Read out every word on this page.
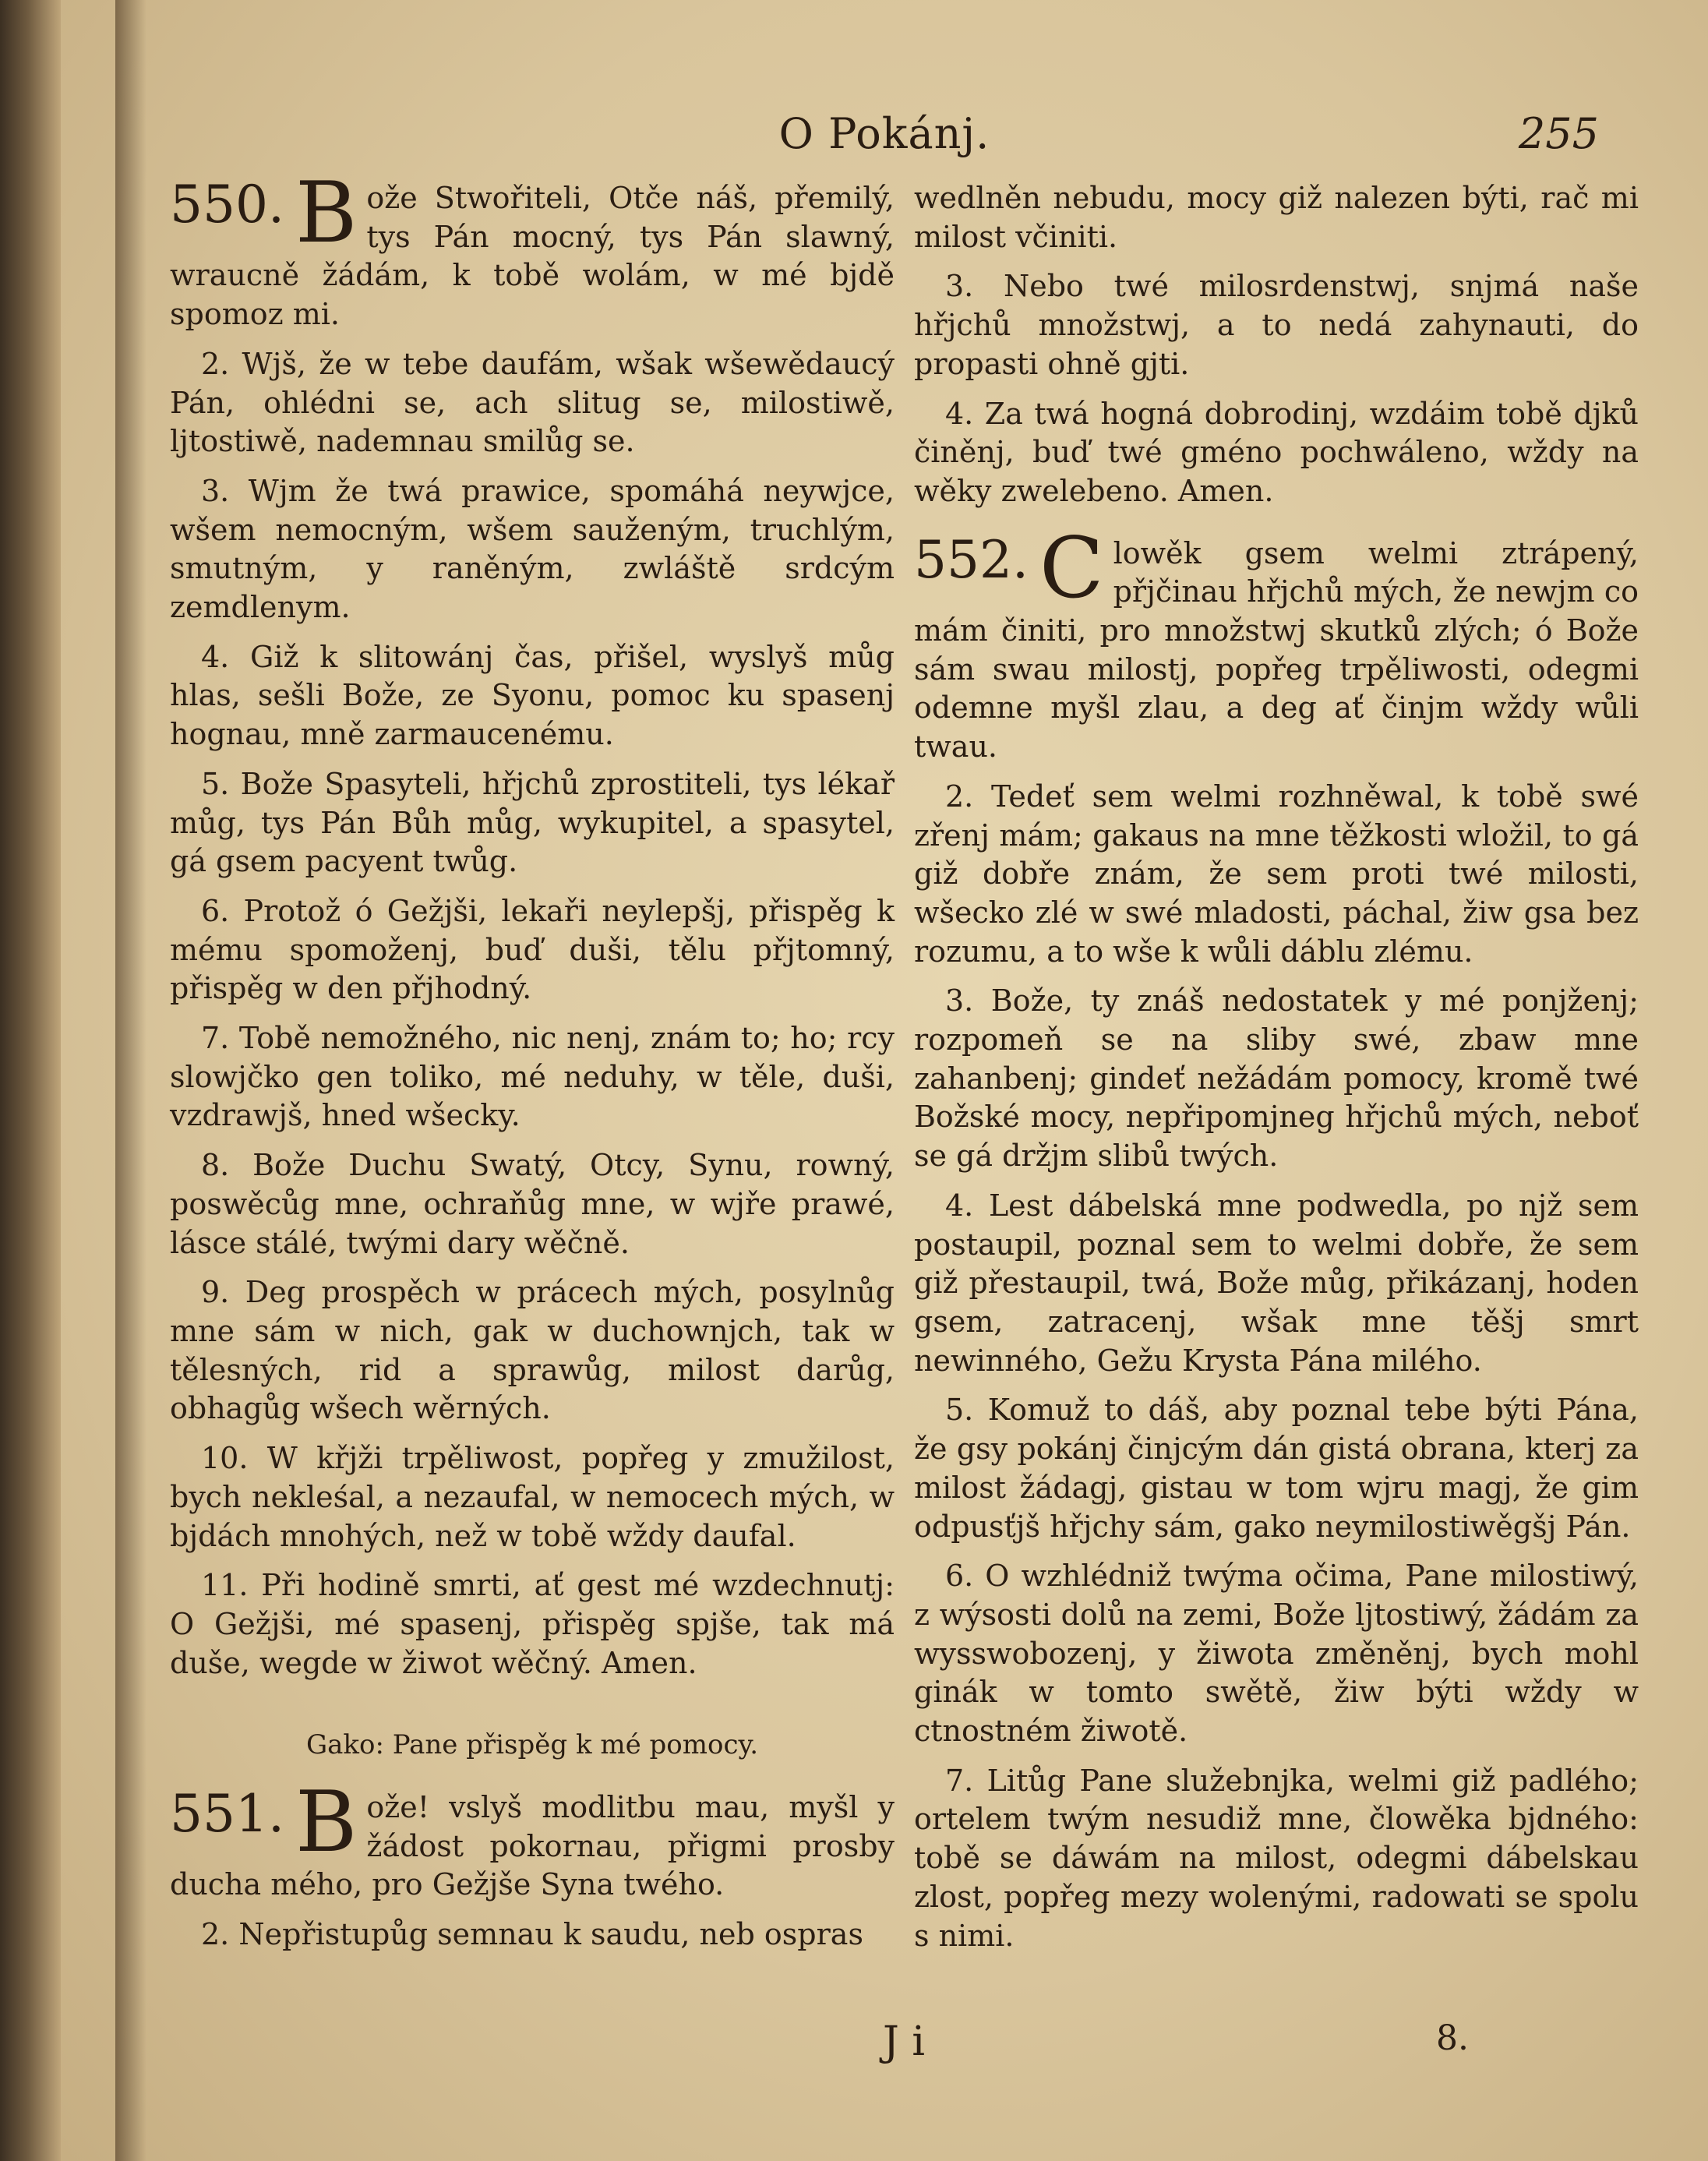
O Pokánj.	255

550. B ože Stwořiteli, Otče náš, přemilý, tys Pán mocný, tys Pán slawný, wraucně žádám, k tobě wolám, w mé bjdě spomoz mi.

2. Wjš, že w tebe daufám, wšak wšewědaucý Pán, ohlédni se, ach slitug se, milostiwě, ljtostiwě, nademnau smilůg se.

3. Wjm že twá prawice, spomáhá neywjce, wšem nemocným, wšem sauženým, truchlým, smutným, y raněným, zwláště srdcým zemdlenym.

4. Giž k slitowánj čas, přišel, wyslyš můg hlas, sešli Bože, ze Syonu, pomoc ku spasenj hognau, mně zarmaucenému.

5. Bože Spasyteli, hřjchů zprostiteli, tys lékař můg, tys Pán Bůh můg, wykupitel, a spasytel, gá gsem pacyent twůg.

6. Protož ó Gežjši, lekaři neylepšj, přispěg k mému spomoženj, buď duši, tělu přjtomný, přispěg w den přjhodný.

7. Tobě nemožného, nic nenj, znám to; ho; rcy slowjčko gen toliko, mé neduhy, w těle, duši, vzdrawjš, hned wšecky.

8. Bože Duchu Swatý, Otcy, Synu, rowný, poswěcůg mne, ochraňůg mne, w wjře prawé, lásce stálé, twými dary wěčně.

9. Deg prospěch w prácech mých, posylnůg mne sám w nich, gak w duchownjch, tak w tělesných, rid a sprawůg, milost darůg, obhagůg wšech wěrných.

10. W křjži trpěliwost, popřeg y zmužilost, bych nekleśal, a nezaufal, w nemocech mých, w bjdách mnohých, než w tobě wždy daufal.

11. Při hodině smrti, ať gest mé wzdechnutj: O Gežjši, mé spasenj, přispěg spjše, tak má duše, wegde w žiwot wěčný. Amen.

Gako: Pane přispěg k mé pomocy.

551. B ože! vslyš modlitbu mau, myšl y žádost pokornau, přigmi prosby ducha mého, pro Gežjše Syna twého.

2. Nepřistupůg semnau k saudu, neb ospras

wedlněn nebudu, mocy giž nalezen býti, rač mi milost včiniti.

3. Nebo twé milosrdenstwj, snjmá naše hřjchů množstwj, a to nedá zahynauti, do propasti ohně gjti.

4. Za twá hogná dobrodinj, wzdáim tobě djků činěnj, buď twé gméno pochwáleno, wždy na wěky zwelebeno. Amen.

552. C lowěk gsem welmi ztrápený, přjčinau hřjchů mých, že newjm co mám činiti, pro množstwj skutků zlých; ó Bože sám swau milostj, popřeg trpěliwosti, odegmi odemne myšl zlau, a deg ať činjm wždy wůli twau.

2. Tedeť sem welmi rozhněwal, k tobě swé zřenj mám; gakaus na mne těžkosti wložil, to gá giž dobře znám, že sem proti twé milosti, wšecko zlé w swé mladosti, páchal, žiw gsa bez rozumu, a to wše k wůli dáblu zlému.

3. Bože, ty znáš nedostatek y mé ponjženj; rozpomeň se na sliby swé, zbaw mne zahanbenj; gindeť nežádám pomocy, kromě twé Božské mocy, nepřipomjneg hřjchů mých, neboť se gá držjm slibů twých.

4. Lest dábelská mne podwedla, po njž sem postaupil, poznal sem to welmi dobře, že sem giž přestaupil, twá, Bože můg, přikázanj, hoden gsem, zatracenj, wšak mne těšj smrt newinného, Gežu Krysta Pána milého.

5. Komuž to dáš, aby poznal tebe býti Pána, že gsy pokánj činjcým dán gistá obrana, kterj za milost žádagj, gistau w tom wjru magj, že gim odpusťjš hřjchy sám, gako neymilostiwěgšj Pán.

6. O wzhlédniž twýma očima, Pane milostiwý, z wýsosti dolů na zemi, Bože ljtostiwý, žádám za wysswobozenj, y žiwota změněnj, bych mohl ginák w tomto swětě, žiw býti wždy w ctnostném žiwotě.

7. Litůg Pane služebnjka, welmi giž padlého; ortelem twým nesudiž mne, člowěka bjdného: tobě se dáwám na milost, odegmi dábelskau zlost, popřeg mezy wolenými, radowati se spolu s nimi.

J i	8.
